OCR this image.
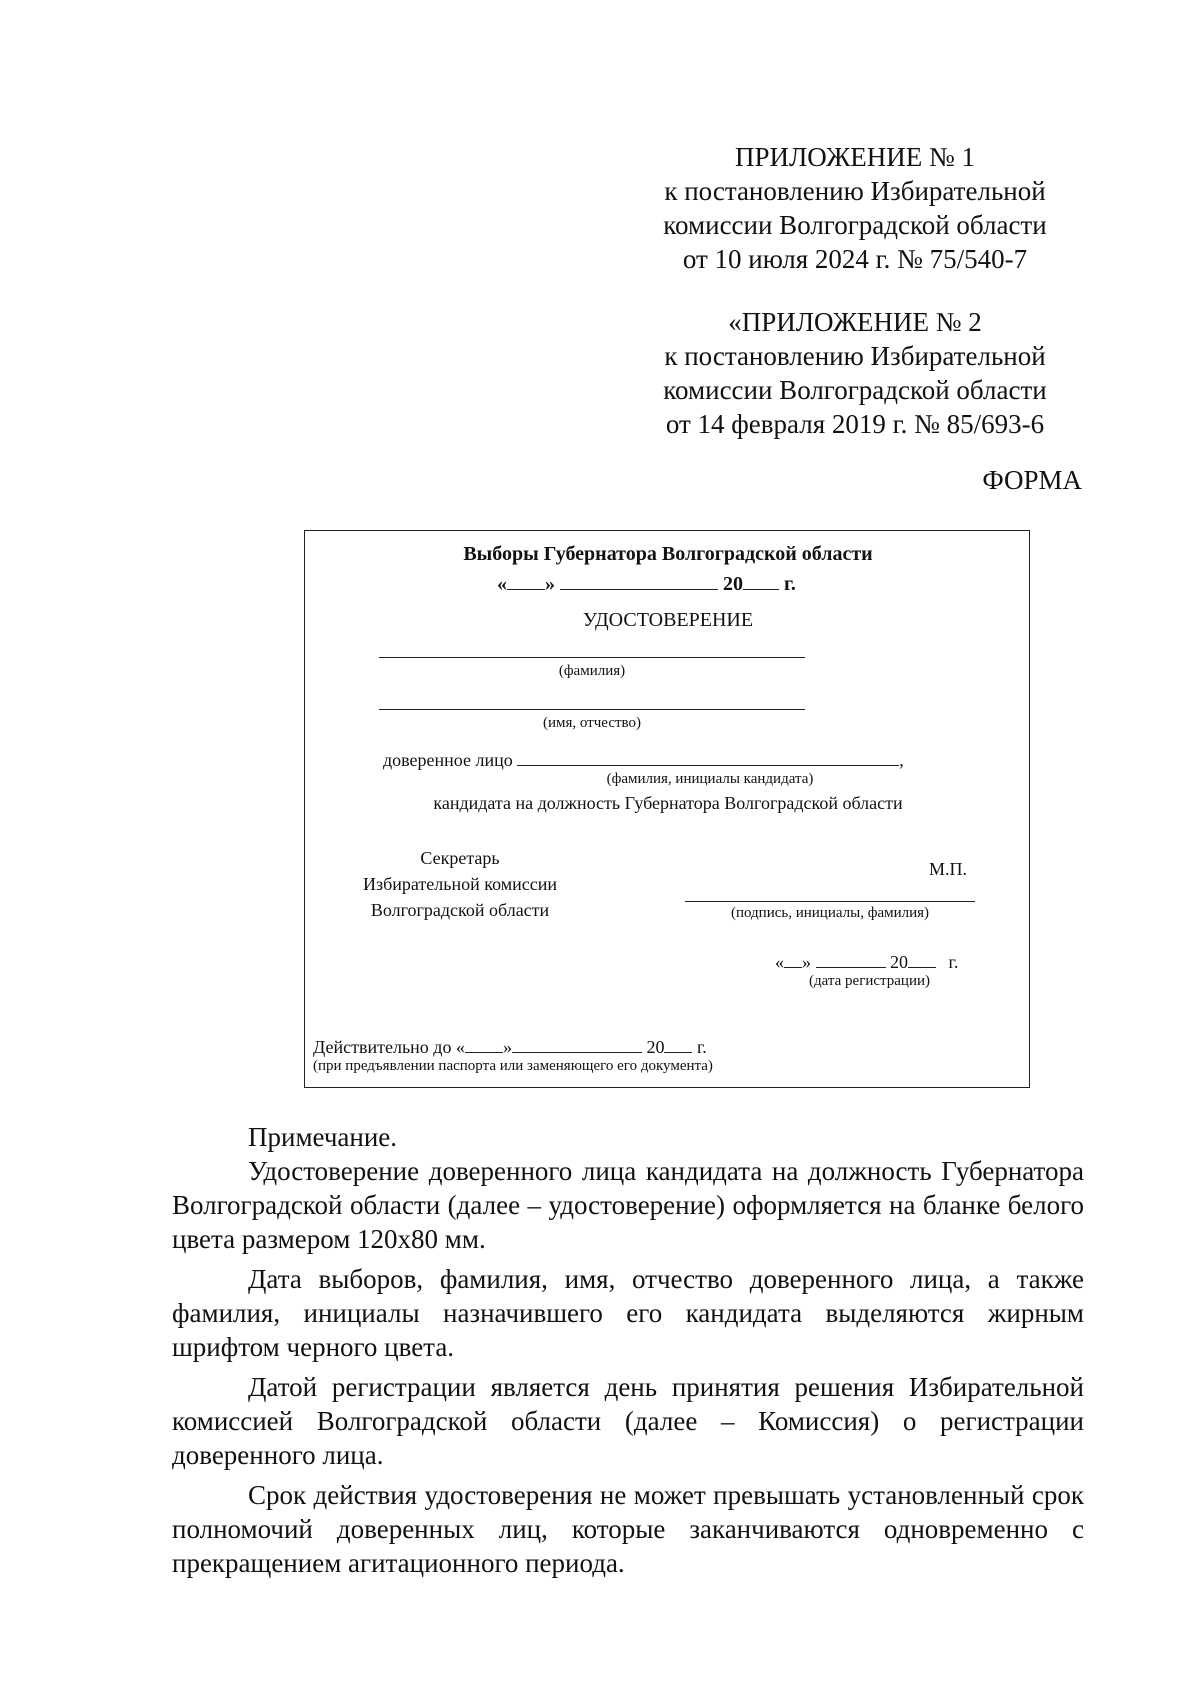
ПРИЛОЖЕНИЕ № 1
к постановлению Избирательной
комиссии Волгоградской области
от 10 июля 2024 г. № 75/540-7
«ПРИЛОЖЕНИЕ № 2
к постановлению Избирательной
комиссии Волгоградской области
от 14 февраля 2019 г. № 85/693-6
ФОРМА
Выборы Губернатора Волгоградской области
« »	20 г.
УДОСТОВЕРЕНИЕ
(фамилия)
(имя, отчество)
доверенное лицо	,
(фамилия, инициалы кандидата)
кандидата на должность Губернатора Волгоградской области
Секретарь
Избирательной комиссии
Волгоградской области
М.П.
(подпись, инициалы, фамилия)
« »	20 г.
(дата регистрации)
Действительно до « »	20 г.
(при предъявлении паспорта или заменяющего его документа)

Примечание.

Удостоверение доверенного лица кандидата на должность Губернатора Волгоградской области (далее – удостоверение) оформляется на бланке белого цвета размером 120х80 мм.

Дата выборов, фамилия, имя, отчество доверенного лица, а также фамилия, инициалы назначившего его кандидата выделяются жирным шрифтом черного цвета.

Датой регистрации является день принятия решения Избирательной комиссией Волгоградской области (далее – Комиссия) о регистрации доверенного лица.

Срок действия удостоверения не может превышать установленный срок полномочий доверенных лиц, которые заканчиваются одновременно с прекращением агитационного периода.
